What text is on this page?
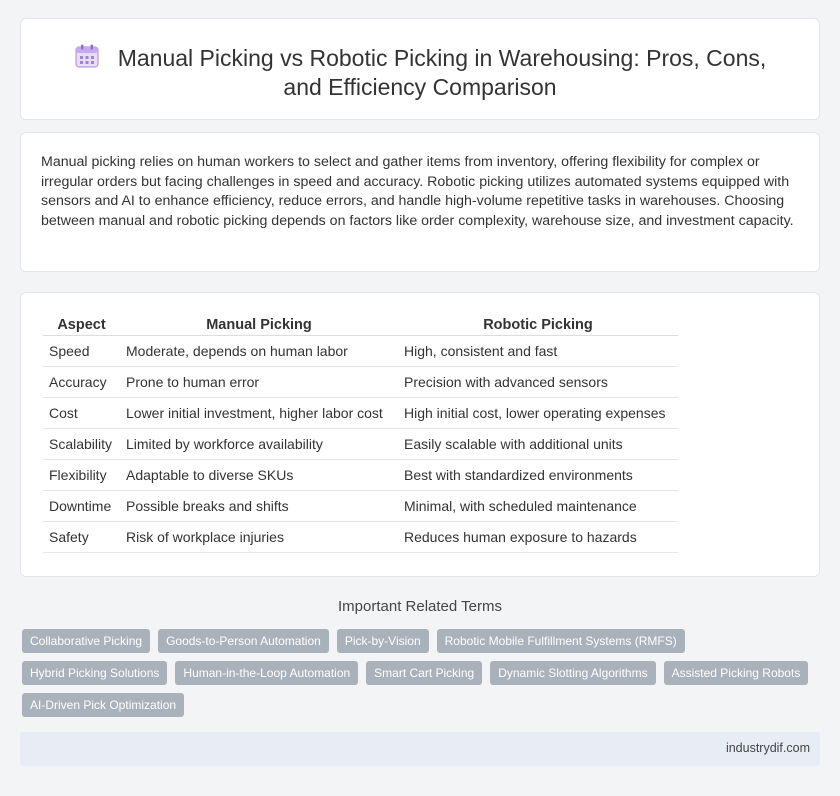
Manual Picking vs Robotic Picking in Warehousing: Pros, Cons, and Efficiency Comparison

Manual picking relies on human workers to select and gather items from inventory, offering flexibility for complex or irregular orders but facing challenges in speed and accuracy. Robotic picking utilizes automated systems equipped with sensors and AI to enhance efficiency, reduce errors, and handle high-volume repetitive tasks in warehouses. Choosing between manual and robotic picking depends on factors like order complexity, warehouse size, and investment capacity.

Aspect	Manual Picking	Robotic Picking
Speed	Moderate, depends on human labor	High, consistent and fast
Accuracy	Prone to human error	Precision with advanced sensors
Cost	Lower initial investment, higher labor cost	High initial cost, lower operating expenses
Scalability	Limited by workforce availability	Easily scalable with additional units
Flexibility	Adaptable to diverse SKUs	Best with standardized environments
Downtime	Possible breaks and shifts	Minimal, with scheduled maintenance
Safety	Risk of workplace injuries	Reduces human exposure to hazards
Important Related Terms
Collaborative Picking	Goods-to-Person Automation	Pick-by-Vision	Robotic Mobile Fulfillment Systems (RMFS)
Hybrid Picking Solutions	Human-in-the-Loop Automation	Smart Cart Picking	Dynamic Slotting Algorithms	Assisted Picking Robots
AI-Driven Pick Optimization
industrydif.com
